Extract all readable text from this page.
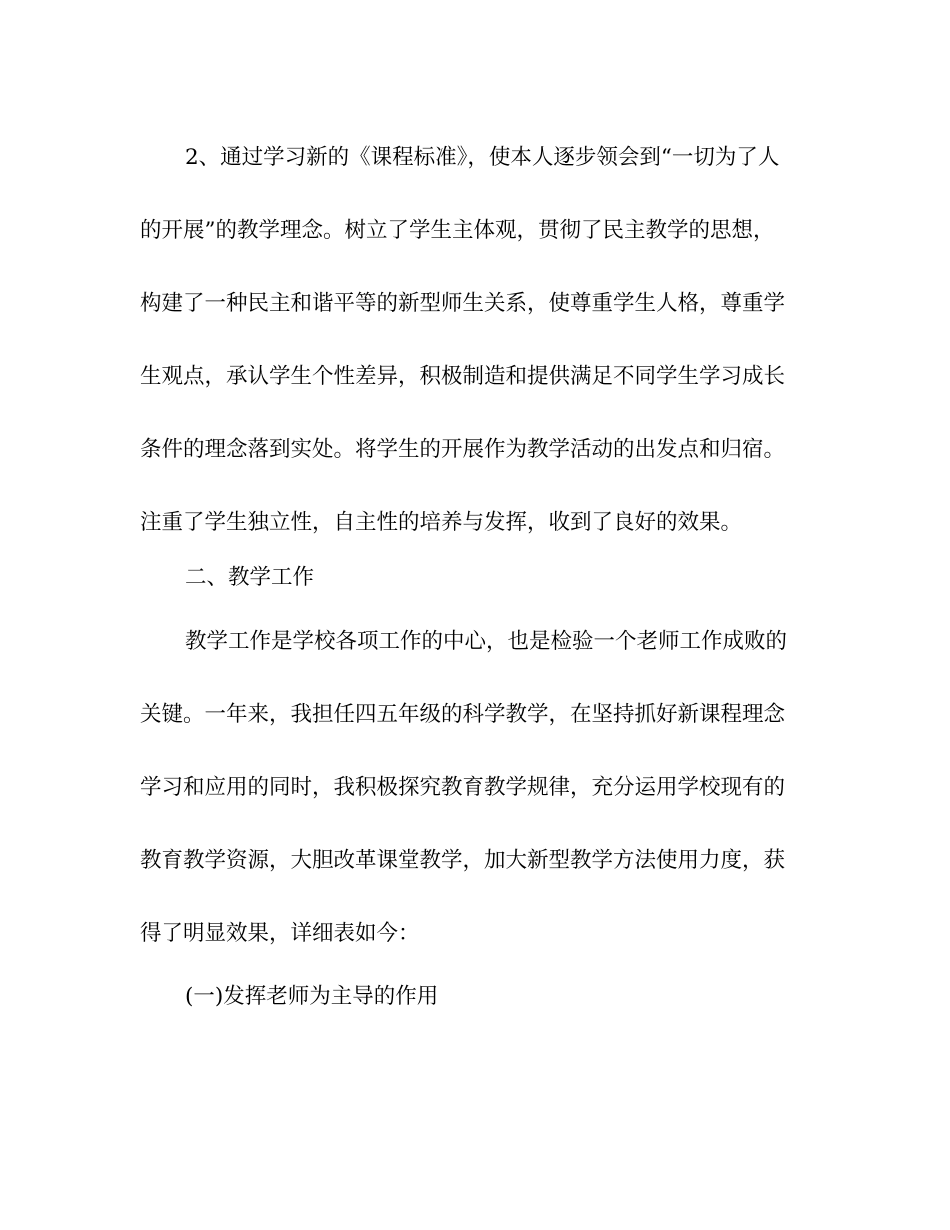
2、通过学习新的《课程标准》，使本人逐步领会到“一切为了人
的开展”的教学理念。树立了学生主体观，贯彻了民主教学的思想，
构建了一种民主和谐平等的新型师生关系，使尊重学生人格，尊重学
生观点，承认学生个性差异，积极制造和提供满足不同学生学习成长
条件的理念落到实处。将学生的开展作为教学活动的出发点和归宿。
注重了学生独立性，自主性的培养与发挥，收到了良好的效果。
二、教学工作
教学工作是学校各项工作的中心，也是检验一个老师工作成败的
关键。一年来，我担任四五年级的科学教学，在坚持抓好新课程理念
学习和应用的同时，我积极探究教育教学规律，充分运用学校现有的
教育教学资源，大胆改革课堂教学，加大新型教学方法使用力度，获
得了明显效果，详细表如今：
(一)发挥老师为主导的作用
